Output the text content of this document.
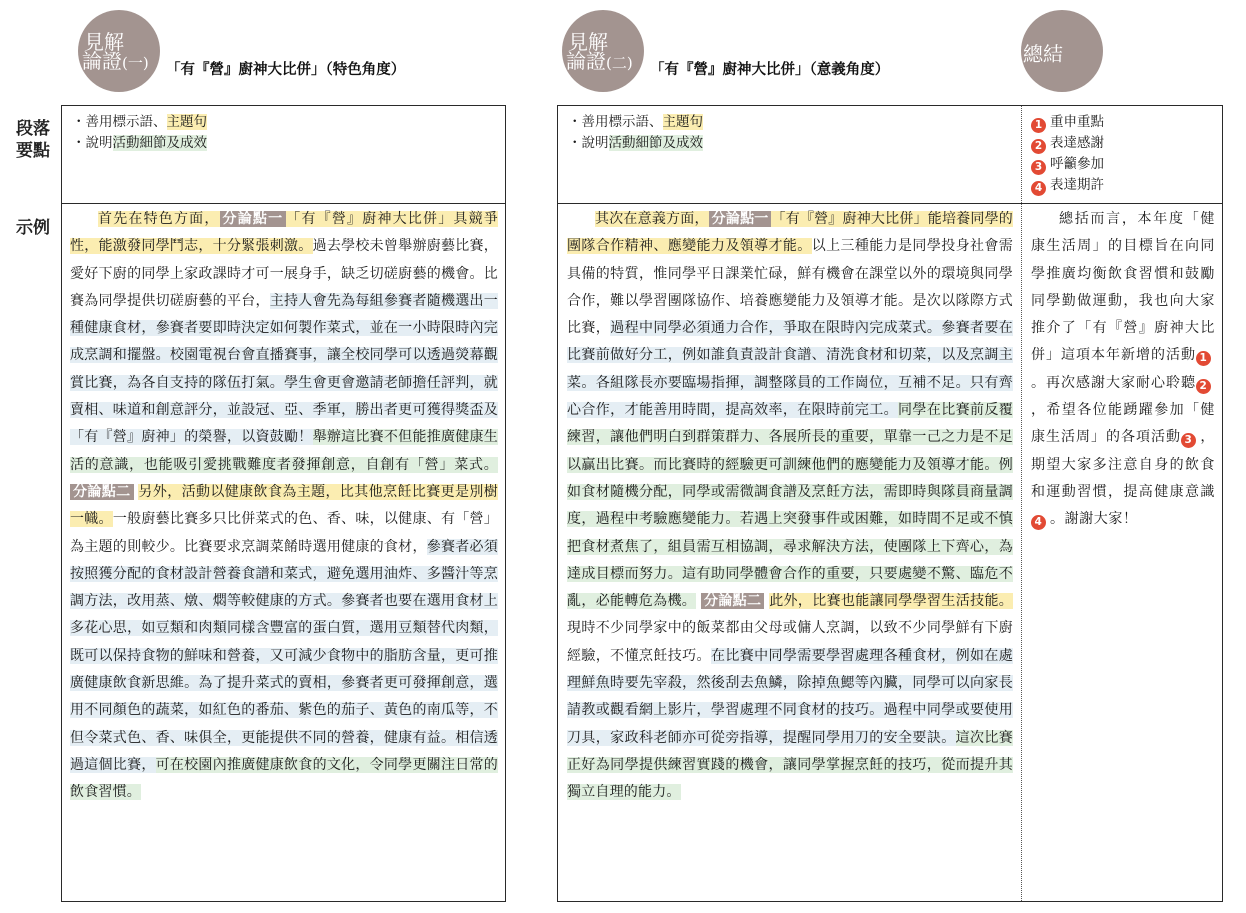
見解
論證(一) 「有『營』廚神大比併」（特色角度）
見解
論證(二) 「有『營』廚神大比併」（意義角度）
總結
段落
要點
示例
・善用標示語、主題句
・說明活動細節及成效
・善用標示語、主題句
・說明活動細節及成效
1 重申重點
2 表達感謝
3 呼籲參加
4 表達期許
首先在特色方面， 分論點一 「有『營』廚神大比併」具競爭性，能激發同學鬥志，十分緊張刺激。過去學校未曾舉辦廚藝比賽，愛好下廚的同學上家政課時才可一展身手，缺乏切磋廚藝的機會。比賽為同學提供切磋廚藝的平台，主持人會先為每組參賽者隨機選出一種健康食材，參賽者要即時決定如何製作菜式，並在一小時限時內完成烹調和擺盤。校園電視台會直播賽事，讓全校同學可以透過熒幕觀賞比賽，為各自支持的隊伍打氣。學生會更會邀請老師擔任評判，就賣相、味道和創意評分，並設冠、亞、季軍，勝出者更可獲得獎盃及「有『營』廚神」的榮譽，以資鼓勵！舉辦這比賽不但能推廣健康生活的意識，也能吸引愛挑戰難度者發揮創意，自創有「營」菜式。 分論點二 另外，活動以健康飲食為主題，比其他烹飪比賽更是別樹一幟。一般廚藝比賽多只比併菜式的色、香、味，以健康、有「營」為主題的則較少。比賽要求烹調菜餚時選用健康的食材，參賽者必須按照獲分配的食材設計營養食譜和菜式，避免選用油炸、多醬汁等烹調方法，改用蒸、燉、燜等較健康的方式。參賽者也要在選用食材上多花心思，如豆類和肉類同樣含豐富的蛋白質，選用豆類替代肉類，既可以保持食物的鮮味和營養，又可減少食物中的脂肪含量，更可推廣健康飲食新思維。為了提升菜式的賣相，參賽者更可發揮創意，選用不同顏色的蔬菜，如紅色的番茄、紫色的茄子、黃色的南瓜等，不但令菜式色、香、味俱全，更能提供不同的營養，健康有益。相信透過這個比賽，可在校園內推廣健康飲食的文化，令同學更關注日常的飲食習慣。
其次在意義方面， 分論點一 「有『營』廚神大比併」能培養同學的團隊合作精神、應變能力及領導才能。以上三種能力是同學投身社會需具備的特質，惟同學平日課業忙碌，鮮有機會在課堂以外的環境與同學合作，難以學習團隊協作、培養應變能力及領導才能。是次以隊際方式比賽，過程中同學必須通力合作，爭取在限時內完成菜式。參賽者要在比賽前做好分工，例如誰負責設計食譜、清洗食材和切菜，以及烹調主菜。各組隊長亦要臨場指揮，調整隊員的工作崗位，互補不足。只有齊心合作，才能善用時間，提高效率，在限時前完工。同學在比賽前反覆練習，讓他們明白到群策群力、各展所長的重要，單靠一己之力是不足以贏出比賽。而比賽時的經驗更可訓練他們的應變能力及領導才能。例如食材隨機分配，同學或需微調食譜及烹飪方法，需即時與隊員商量調度，過程中考驗應變能力。若遇上突發事件或困難，如時間不足或不慎把食材煮焦了，組員需互相協調，尋求解決方法，使團隊上下齊心，為達成目標而努力。這有助同學體會合作的重要，只要處變不驚、臨危不亂，必能轉危為機。 分論點二 此外，比賽也能讓同學學習生活技能。現時不少同學家中的飯菜都由父母或傭人烹調，以致不少同學鮮有下廚經驗，不懂烹飪技巧。在比賽中同學需要學習處理各種食材，例如在處理鮮魚時要先宰殺，然後刮去魚鱗，除掉魚鰓等內臟，同學可以向家長請教或觀看網上影片，學習處理不同食材的技巧。過程中同學或要使用刀具，家政科老師亦可從旁指導，提醒同學用刀的安全要訣。這次比賽正好為同學提供練習實踐的機會，讓同學掌握烹飪的技巧，從而提升其獨立自理的能力。
總括而言，本年度「健康生活周」的目標旨在向同學推廣均衡飲食習慣和鼓勵同學勤做運動，我也向大家推介了「有『營』廚神大比併」這項本年新增的活動 1。再次感謝大家耐心聆聽 2，希望各位能踴躍參加「健康生活周」的各項活動 3 ，期望大家多注意自身的飲食和運動習慣，提高健康意識4 。謝謝大家！
